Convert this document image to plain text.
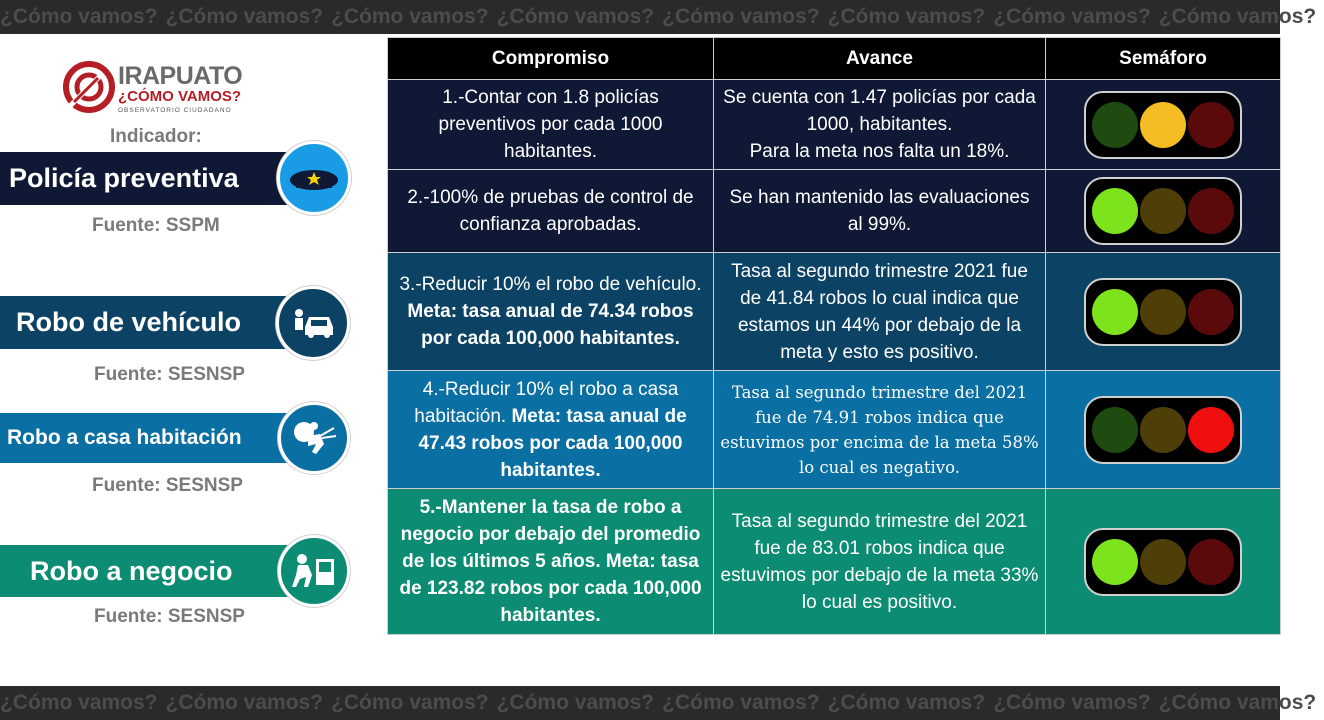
¿Cómo vamos? ¿Cómo vamos? ¿Cómo vamos? ¿Cómo vamos? ¿Cómo vamos? ¿Cómo vamos? ¿Cómo vamos? ¿Cómo vamos?
IRAPUATO
¿CÓMO VAMOS?
OBSERVATORIO CIUDADANO
Indicador:
Policía preventiva
Fuente: SSPM
Robo de vehículo
Fuente: SESNSP
Robo a casa habitación
Fuente: SESNSP
Robo a negocio
Fuente: SESNSP
Compromiso	Avance	Semáforo
1.-Contar con 1.8 policías preventivos por cada 1000 habitantes.	Se cuenta con 1.47 policías por cada 1000, habitantes.
Para la meta nos falta un 18%.	

2.-100% de pruebas de control de confianza aprobadas.	Se han mantenido las evaluaciones al 99%.	

3.-Reducir 10% el robo de vehículo. Meta: tasa anual de 74.34 robos por cada 100,000 habitantes.	Tasa al segundo trimestre 2021 fue de 41.84 robos lo cual indica que estamos un 44% por debajo de la meta y esto es positivo.	

4.-Reducir 10% el robo a casa habitación. Meta: tasa anual de 47.43 robos por cada 100,000 habitantes.	Tasa al segundo trimestre del 2021 fue de 74.91 robos indica que estuvimos por encima de la meta 58% lo cual es negativo.	

5.-Mantener la tasa de robo a negocio por debajo del promedio de los últimos 5 años. Meta: tasa de 123.82 robos por cada 100,000 habitantes.	Tasa al segundo trimestre del 2021 fue de 83.01 robos indica que estuvimos por debajo de la meta 33% lo cual es positivo.	
¿Cómo vamos? ¿Cómo vamos? ¿Cómo vamos? ¿Cómo vamos? ¿Cómo vamos? ¿Cómo vamos? ¿Cómo vamos? ¿Cómo vamos?
